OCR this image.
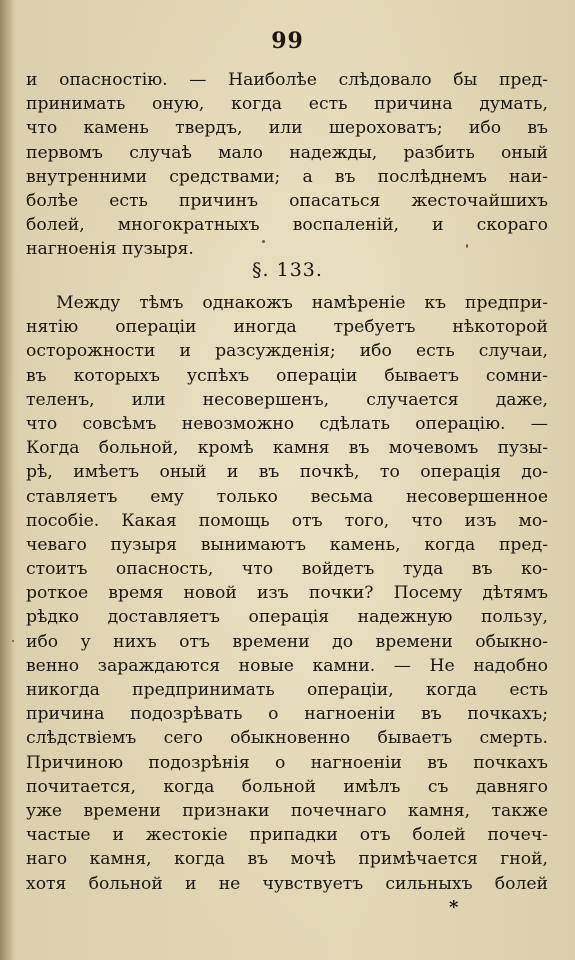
99
и опасностію. — Наиболѣе слѣдовало бы пред-
принимать оную, когда есть причина думать,
что камень твердъ, или шероховатъ; ибо въ
первомъ случаѣ мало надежды, разбить оный
внутренними средствами; а въ послѣднемъ наи-
болѣе есть причинъ опасаться жесточайшихъ
болей, многократныхъ воспаленій, и скораго
нагноенія пузыря.
§. 133.
Между тѣмъ однакожъ намѣреніе къ предпри-
нятію операціи иногда требуетъ нѣкоторой
осторожности и разсужденія; ибо есть случаи,
въ которыхъ успѣхъ операціи бываетъ сомни-
теленъ, или несовершенъ, случается даже,
что совсѣмъ невозможно сдѣлать операцію. —
Когда больной, кромѣ камня въ мочевомъ пузы-
рѣ, имѣетъ оный и въ почкѣ, то операція до-
ставляетъ ему только весьма несовершенное
пособіе. Какая помощь отъ того, что изъ мо-
чеваго пузыря вынимаютъ камень, когда пред-
стоитъ опасность, что войдетъ туда въ ко-
роткое время новой изъ почки? Посему дѣтямъ
рѣдко доставляетъ операція надежную пользу,
ибо у нихъ отъ времени до времени обыкно-
венно зараждаются новые камни. — Не надобно
никогда предпринимать операціи, когда есть
причина подозрѣвать о нагноеніи въ почкахъ;
слѣдствіемъ сего обыкновенно бываетъ смерть.
Причиною подозрѣнія о нагноеніи въ почкахъ
почитается, когда больной имѣлъ съ давняго
уже времени признаки почечнаго камня, также
частые и жестокіе припадки отъ болей почеч-
наго камня, когда въ мочѣ примѣчается гной,
хотя больной и не чувствуетъ сильныхъ болей
*
